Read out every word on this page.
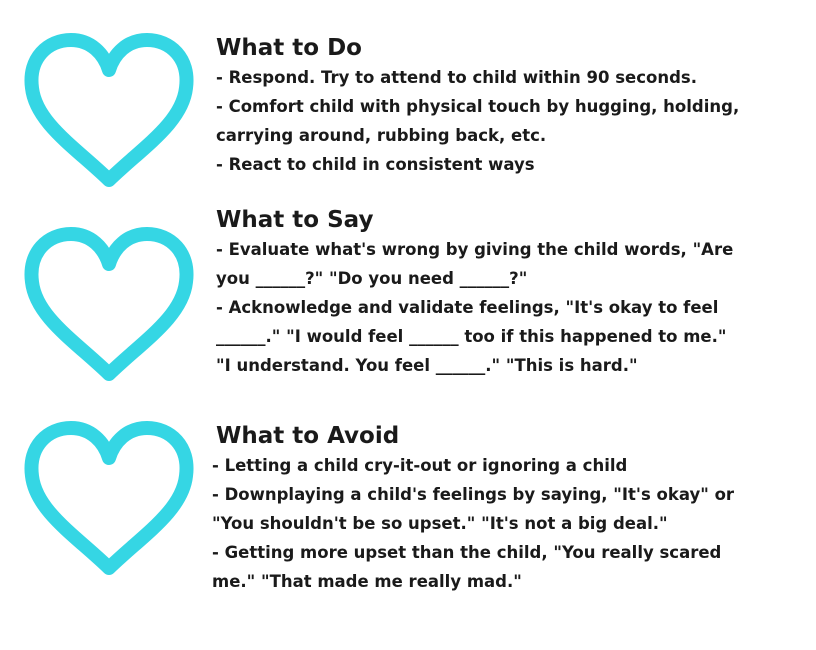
What to Do

- Respond. Try to attend to child within 90 seconds.

- Comfort child with physical touch by hugging, holding,

carrying around, rubbing back, etc.

- React to child in consistent ways

What to Say

- Evaluate what's wrong by giving the child words, "Are

you ______?" "Do you need ______?"

- Acknowledge and validate feelings, "It's okay to feel

______." "I would feel ______ too if this happened to me."

"I understand. You feel ______." "This is hard."

What to Avoid

- Letting a child cry-it-out or ignoring a child

- Downplaying a child's feelings by saying, "It's okay" or

"You shouldn't be so upset." "It's not a big deal."

- Getting more upset than the child, "You really scared

me." "That made me really mad."
